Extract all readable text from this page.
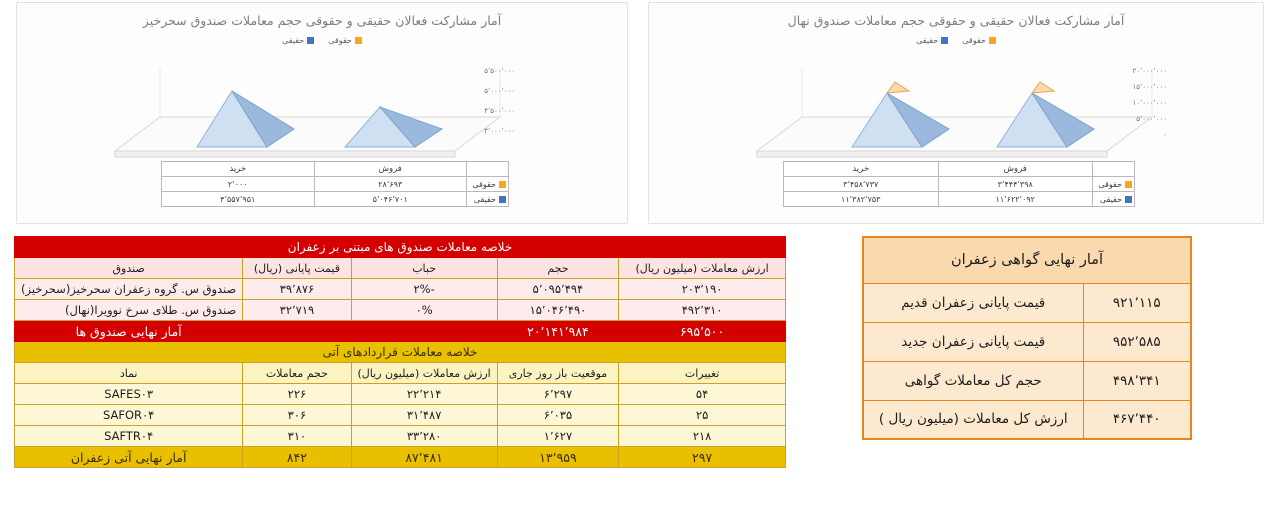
آمار مشارکت فعالان حقیقی و حقوقی حجم معاملات صندوق نهال
حقوقی
حقیقی
۲۰٬۰۰۰٬۰۰۰
۱۵٬۰۰۰٬۰۰۰
۱۰٬۰۰۰٬۰۰۰
۵٬۰۰۰٬۰۰۰
۰
	فروش	خرید
حقوقی	۳٬۴۴۴٬۳۹۸	۳٬۴۵۸٬۷۳۷
حقیقی	۱۱٬۶۲۲٬۰۹۲	۱۱٬۳۸۲٬۷۵۳
آمار مشارکت فعالان حقیقی و حقوقی حجم معاملات صندوق سحرخیز
حقوقی
حقیقی
۵٬۵۰۰٬۰۰۰
۵٬۰۰۰٬۰۰۰
۴٬۵۰۰٬۰۰۰
۴٬۰۰۰٬۰۰۰
	فروش	خرید
حقوقی	۲۸٬۶۹۳	۲٬۰۰۰
حقیقی	۵٬۰۴۶٬۷۰۱	۴٬۵۵۷٬۹۵۱
آمار نهایی گواهی زعفران	
۹۲۱٬۱۱۵	قیمت پایانی زعفران قدیم
۹۵۲٬۵۸۵	قیمت پایانی زعفران جدید
۴۹۸٬۳۴۱	حجم کل معاملات گواهی
۴۶۷٬۴۴۰	ارزش کل معاملات (میلیون ریال )
خلاصه معاملات صندوق های مبتنی بر زعفران				
ارزش معاملات (میلیون ریال)	حجم	حباب	قیمت پایانی (ریال)	صندوق
۲۰۳٬۱۹۰	۵٬۰۹۵٬۴۹۴	-۲%	۳۹٬۸۷۶	صندوق س. گروه زعفران سحرخیز(سحرخیز)
۴۹۲٬۳۱۰	۱۵٬۰۴۶٬۴۹۰	۰%	۳۲٬۷۱۹	صندوق س. طلای سرخ نوویرا(نهال)
۶۹۵٬۵۰۰	۲۰٬۱۴۱٬۹۸۴			آمار نهایی صندوق ها
خلاصه معاملات قراردادهای آتی				
تغییرات	موقعیت باز روز جاری	ارزش معاملات (میلیون ریال)	حجم معاملات	نماد
۵۴	۶٬۲۹۷	۲۲٬۲۱۴	۲۲۶	SAFES۰۳
۲۵	۶٬۰۳۵	۳۱٬۴۸۷	۳۰۶	SAFOR۰۴
۲۱۸	۱٬۶۲۷	۳۳٬۲۸۰	۳۱۰	SAFTR۰۴
۲۹۷	۱۳٬۹۵۹	۸۷٬۴۸۱	۸۴۲	آمار نهایی آتی زعفران
